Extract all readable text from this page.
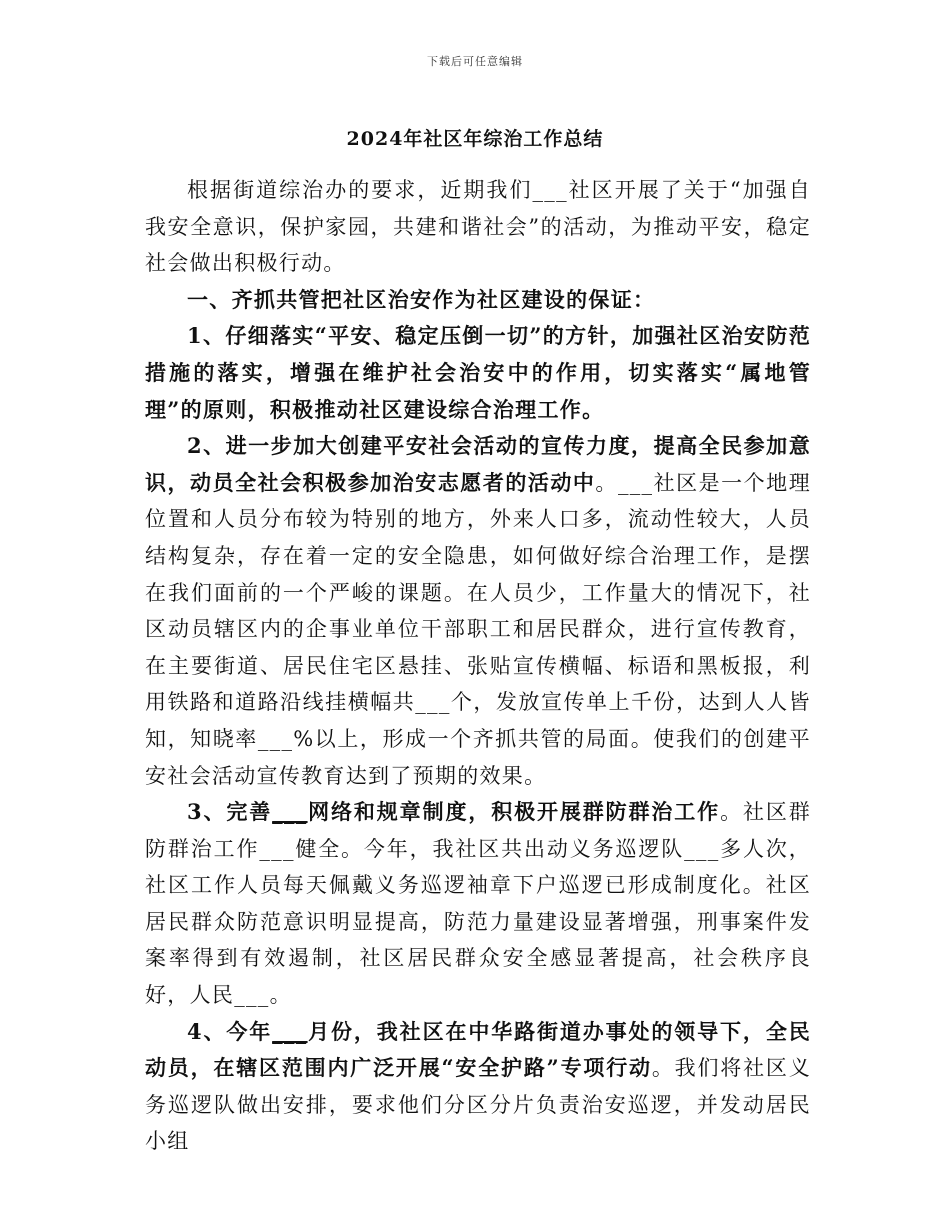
下载后可任意编辑
2024年社区年综治工作总结

根据街道综治办的要求，近期我们___社区开展了关于“加强自我安全意识，保护家园，共建和谐社会”的活动，为推动平安，稳定社会做出积极行动。

一、齐抓共管把社区治安作为社区建设的保证：

1、仔细落实“平安、稳定压倒一切”的方针，加强社区治安防范措施的落实，增强在维护社会治安中的作用，切实落实“属地管理”的原则，积极推动社区建设综合治理工作。

2、进一步加大创建平安社会活动的宣传力度，提高全民参加意识，动员全社会积极参加治安志愿者的活动中。___社区是一个地理位置和人员分布较为特别的地方，外来人口多，流动性较大，人员结构复杂，存在着一定的安全隐患，如何做好综合治理工作，是摆在我们面前的一个严峻的课题。在人员少，工作量大的情况下，社区动员辖区内的企事业单位干部职工和居民群众，进行宣传教育，在主要街道、居民住宅区悬挂、张贴宣传横幅、标语和黑板报，利用铁路和道路沿线挂横幅共___个，发放宣传单上千份，达到人人皆知，知晓率___%以上，形成一个齐抓共管的局面。使我们的创建平安社会活动宣传教育达到了预期的效果。

3、完善___网络和规章制度，积极开展群防群治工作。社区群防群治工作___健全。今年，我社区共出动义务巡逻队___多人次，社区工作人员每天佩戴义务巡逻袖章下户巡逻已形成制度化。社区居民群众防范意识明显提高，防范力量建设显著增强，刑事案件发案率得到有效遏制，社区居民群众安全感显著提高，社会秩序良好，人民___。

4、今年___月份，我社区在中华路街道办事处的领导下，全民动员，在辖区范围内广泛开展“安全护路”专项行动。我们将社区义务巡逻队做出安排，要求他们分区分片负责治安巡逻，并发动居民小组
